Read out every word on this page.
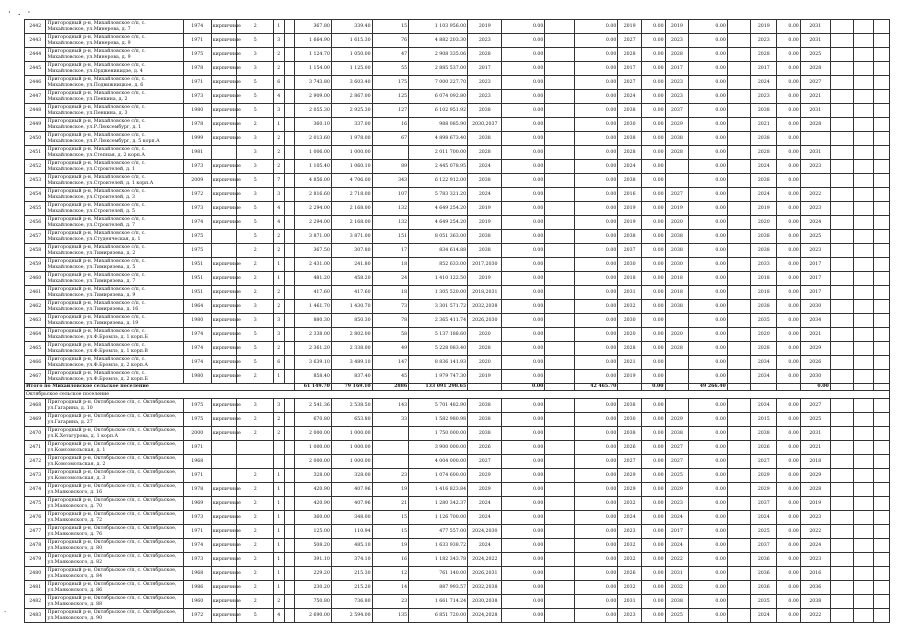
· . ·
2442	Пригородный р-н, Михайловское с/п, с. Михайловское, ул.Минерова, д. 7	1974	кирпичные	2	1		367.80	339.40	15	1 103 956.00	2019	0.00		0.00	2019	0.00	2019	0.00		2019	0.00	2031			
2443	Пригородный р-н, Михайловское с/п, с. Михайловское, ул.Минерова, д. 9	1971	кирпичные	5	3		1 664.90	1 615.30	76	4 882 203.30	2023	0.00		0.00	2027	0.00	2023	0.00		2023	0.00	2031			
2444	Пригородный р-н, Михайловское с/п, с. Михайловское, ул.Минерова, д. 9	1975	кирпичные	3	2		1 124.70	1 050.00	47	2 908 335.06	2028	0.00		0.00	2028	0.00	2028	0.00		2028	0.00	2025			
2445	Пригородный р-н, Михайловское с/п, с. Михайловское, ул.Ордженикидзе, д. 4	1978	кирпичные	3	2		1 154.00	1 125.00	55	2 885 537.00	2017	0.00		0.00	2017	0.00	2017	0.00		2017	0.00	2028			
2446	Пригородный р-н, Михайловское с/п, с. Михайловское, ул.Подвижницкое, д. 6	1971	кирпичные	5	6		3 743.80	3 603.40	175	7 000 227.70	2023	0.00		0.00	2027	0.00	2023	0.00		2024	0.00	2027			
2447	Пригородный р-н, Михайловское с/п, с. Михайловское, ул.Пенкина, д. 2	1973	кирпичные	5	4		2 909.00	2 867.00	125	6 074 092.80	2023	0.00		0.00	2024	0.00	2023	0.00		2023	0.00	2021			
2448	Пригородный р-н, Михайловское с/п, с. Михайловское, ул.Пенкина, д. 3	1980	кирпичные	5	3		2 055.30	2 925.30	127	6 102 951.92	2038	0.00		0.00	2038	0.00	2037	0.00		2038	0.00	2031			
2449	Пригородный р-н, Михайловское с/п, с. Михайловское, ул.Р.Люксембург, д. 1	1978	кирпичные	2	1		360.10	337.00	16	988 085.90	2030,2037	0.00		0.00	2030	0.00	2029	0.00		2021	0.00	2028			
2450	Пригородный р-н, Михайловское с/п, с. Михайловское, ул.Р.Люксембург, д. 5 корп.А	1999	кирпичные	3	2		2 013.60	1 978.00	67	4 898 673.40	2038	0.00		0.00	2038	0.00	2038	0.00		2038	0.00				
2451	Пригородный р-н, Михайловское с/п, с. Михайловское, ул.Степная, д. 2 корп.А	1981		3	2		1 006.00	1 000.00		2 011 700.00	2028	0.00		0.00	2028	0.00	2028	0.00		2028	0.00	2031			
2452	Пригородный р-н, Михайловское с/п, с. Михайловское, ул.Строителей, д. 1	1973	кирпичные	3	2		1 105.40	1 060.10	89	2 445 078.95	2024	0.00		0.00	2024	0.00		0.00		2024	0.00	2023			
2453	Пригородный р-н, Михайловское с/п, с. Михайловское, ул.Строителей, д. 1 корп.А	2009	кирпичные	5	7		4 856.00	4 706.00	343	6 122 912.00	2038	0.00		0.00	2038	0.00		0.00		2038	0.00				
2454	Пригородный р-н, Михайловское с/п, с. Михайловское, ул.Строителей, д. 3	1972	кирпичные	3	3		2 816.60	2 718.00	107	5 783 321.20	2024	0.00		0.00	2016	0.00	2027	0.00		2024	0.00	2022			
2455	Пригородный р-н, Михайловское с/п, с. Михайловское, ул.Строителей, д. 5	1973	кирпичные	5	4		2 294.00	2 168.00	132	4 649 254.20	2019	0.00		0.00	2019	0.00	2019	0.00		2019	0.00	2023			
2456	Пригородный р-н, Михайловское с/п, с. Михайловское, ул.Строителей, д. 7	1974	кирпичные	5	4		2 294.00	2 168.00	132	4 649 254.20	2019	0.00		0.00	2019	0.00	2020	0.00		2020	0.00	2024			
2457	Пригородный р-н, Михайловское с/п, с. Михайловское, ул.Студенческая, д. 1	1975		5	2		3 871.00	3 871.00	151	8 051 363.00	2038	0.00		0.00	2038	0.00	2038	0.00		2038	0.00	2025			
2458	Пригородный р-н, Михайловское с/п, с. Михайловское, ул.Тимирязева, д. 2	1975		2	2		367.50	307.80	17	834 614.88	2038	0.00		0.00	2037	0.00	2038	0.00		2038	0.00	2023			
2459	Пригородный р-н, Михайловское с/п, с. Михайловское, ул.Тимирязева, д. 5	1951	кирпичные	2	1		2 431.00	241.80	18	852 633.00	2017,2030	0.00		0.00	2030	0.00	2030	0.00		2033	0.00	2017			
2460	Пригородный р-н, Михайловское с/п, с. Михайловское, ул.Тимирязева, д. 7	1951	кирпичные	2	1		481.20	458.20	24	1 410 122.50	2019	0.00		0.00	2018	0.00	2018	0.00		2018	0.00	2017			
2461	Пригородный р-н, Михайловское с/п, с. Михайловское, ул.Тимирязева, д. 9	1951	кирпичные	2	2		417.60	417.60	18	1 305 520.00	2018,2031	0.00		0.00	2031	0.00	2018	0.00		2018	0.00	2017			
2462	Пригородный р-н, Михайловское с/п, с. Михайловское, ул.Тимирязева, д. 16	1964	кирпичные	3	2		1 461.70	1 430.70	73	3 301 571.72	2032,2038	0.00		0.00	2032	0.00	2038	0.00		2038	0.00	2030			
2463	Пригородный р-н, Михайловское с/п, с. Михайловское, ул.Тимирязева, д. 19	1980	кирпичные	3	3		880.30	850.30	78	2 365 411.74	2026,2030	0.00		0.00	2030	0.00		0.00		2035	0.00	2034			
2464	Пригородный р-н, Михайловское с/п, с. Михайловское, ул.Ф.Бромлэ, д. 1 корп.Б	1974	кирпичные	5	3		2 338.00	2 802.00	58	5 137 188.60	2020	0.00		0.00	2020	0.00	2020	0.00		2020	0.00	2021			
2465	Пригородный р-н, Михайловское с/п, с. Михайловское, ул.Ф.Бромлэ, д. 1 корп.В	1974	кирпичные	5	2		2 361.20	2 338.00	49	5 228 083.40	2028	0.00		0.00	2028	0.00	2028	0.00		2028	0.00	2029			
2466	Пригородный р-н, Михайловское с/п, с. Михайловское, ул.Ф.Бромлэ, д. 2 корп.А	1974	кирпичные	5	6		3 639.10	3 489.10	147	8 836 141.93	2020	0.00		0.00	2021	0.00		0.00		2034	0.00	2026			
2467	Пригородный р-н, Михайловское с/п, с. Михайловское, ул.Ф.Бромлэ, д. 2 корп.Б	1980	кирпичные	2	1		858.40	837.40	45	1 979 747.30	2019	0.00		0.00	2019	0.00		0.00		2034	0.00	2030			
Итого по Михайловское сельское поселение							61 149.70	79 169.10	2886	133 091 298.65		0.00		42 465.70		0.00		49 266.40				0.00			
Октябрьское сельское поселение																									
2468	Пригородный р-н, Октябрьское с/п, с. Октябрьское, ул.Гагарина, д. 10	1975	кирпичные	3	3		2 541.36	2 538.50	143	5 701 482.90	2038	0.00		0.00	2038	0.00		0.00		2034	0.00	2027			
2469	Пригородный р-н, Октябрьское с/п, с. Октябрьское, ул.Гагарина, д. 27	1975	кирпичные	2	2		670.80	653.80	33	1 582 980.98	2038	0.00		0.00	2030	0.00	2029	0.00		2015	0.00	2025			
2470	Пригородный р-н, Октябрьское с/п, с. Октябрьское, ул.К.Хетагурова, д. 1 корп.А	2000	кирпичные	2	2		2 000.00	1 000.00		1 750 000.00	2038	0.00		0.00	2038	0.00	2038	0.00		2038	0.00	2031			
2471	Пригородный р-н, Октябрьское с/п, с. Октябрьское, ул.Комсомольская, д. 1	1971					1 000.00	1 000.00		3 900 000.00	2026	0.00		0.00	2026	0.00	2027	0.00		2026	0.00	2021			
2472	Пригородный р-н, Октябрьское с/п, с. Октябрьское, ул.Комсомольская, д. 2	1968					2 000.00	1 000.00		4 004 000.00	2027	0.00		0.00	2027	0.00	2027	0.00		2027	0.00	2018			
2473	Пригородный р-н, Октябрьское с/п, с. Октябрьское, ул.Комсомольская, д. 3	1971		2	1		328.00	328.00	23	1 074 600.00	2029	0.00		0.00	2029	0.00	2025	0.00		2029	0.00	2029			
2474	Пригородный р-н, Октябрьское с/п, с. Октябрьское, ул.Маяковского, д. 16	1978	кирпичные	2	1		420.90	407.96	19	1 416 823.84	2029	0.00		0.00	2029	0.00	2029	0.00		2029	0.00	2028			
2475	Пригородный р-н, Октябрьское с/п, с. Октябрьское, ул.Маяковского, д. 70	1969	кирпичные	2	1		420.90	407.96	21	1 280 342.37	2024	0.00		0.00	2032	0.00	2023	0.00		2037	0.00	2019			
2476	Пригородный р-н, Октябрьское с/п, с. Октябрьское, ул.Маяковского, д. 72	1973	кирпичные	2	1		360.00	348.00	15	1 126 700.00	2024	0.00		0.00	2024	0.00	2024	0.00		2024	0.00	2023			
2477	Пригородный р-н, Октябрьское с/п, с. Октябрьское, ул.Маяковского, д. 76	1971	кирпичные	2	1		125.00	110.94	15	477 557.00	2024,2030	0.00		0.00	2023	0.00	2017	0.00		2025	0.00	2022			
2478	Пригородный р-н, Октябрьское с/п, с. Октябрьское, ул.Маяковского, д. 80	1974	кирпичные	2	1		508.20	485.10	19	1 633 938.72	2024	0.00		0.00	2032	0.00	2024	0.00		2037	0.00	2024			
2479	Пригородный р-н, Октябрьское с/п, с. Октябрьское, ул.Маяковского, д. 82	1973	кирпичные	2	1		391.10	374.10	16	1 182 343.78	2024,2022	0.00		0.00	2032	0.00	2022	0.00		2036	0.00	2023			
2480	Пригородный р-н, Октябрьское с/п, с. Октябрьское, ул.Маяковского, д. 84	1968	кирпичные	2	1		229.20	215.30	12	761 140.00	2026,2031	0.00		0.00	2026	0.00	2031	0.00		2036	0.00	2016			
2481	Пригородный р-н, Октябрьское с/п, с. Октябрьское, ул.Маяковского, д. 86	1986	кирпичные	2	1		230.20	215.20	14	887 993.57	2032,2038	0.00		0.00	2032	0.00	2032	0.00		2036	0.00	2036			
2482	Пригородный р-н, Октябрьское с/п, с. Октябрьское, ул.Маяковского, д. 88	1960	кирпичные	2	2		750.80	736.80	23	1 661 714.24	2030,2038	0.00		0.00	2031	0.00	2038	0.00		2035	0.00	2038			
2483	Пригородный р-н, Октябрьское с/п, с. Октябрьское, ул.Маяковского, д. 90	1972	кирпичные	5	4		2 690.00	2 594.00	135	6 851 720.00	2024,2028	0.00		0.00	2023	0.00	2025	0.00		2024	0.00	2022			
·
